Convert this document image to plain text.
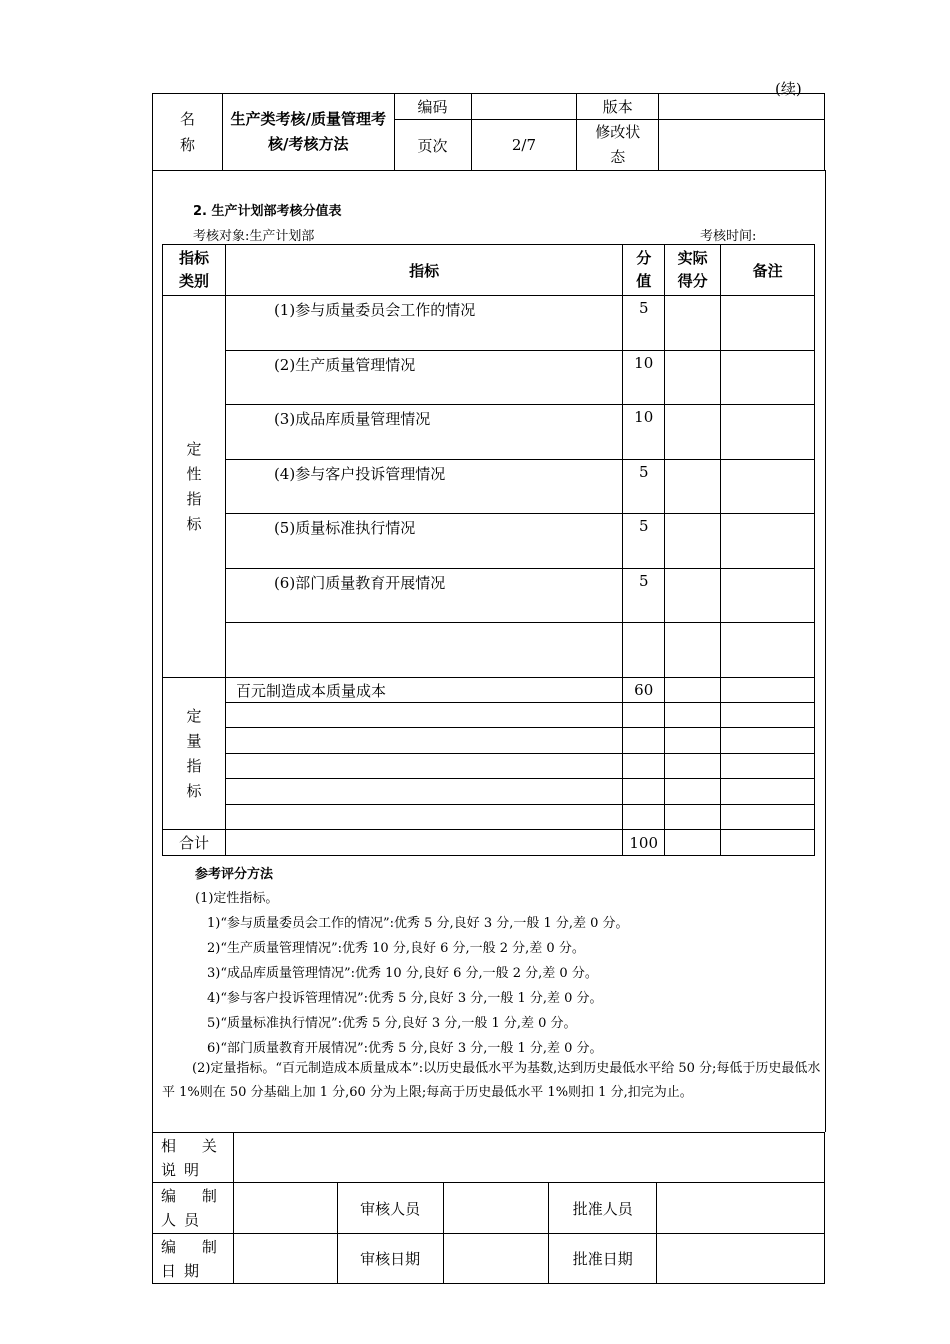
(续)
名
称	生产类考核/质量管理考核/考核方法	编码		版本	
		页次	2/7	修改状态	
2. 生产计划部考核分值表
考核对象:生产计划部	考核时间:
指标类别	指标	分值	实际得分	备注
定性指标	(1)参与质量委员会工作的情况	5		
	(2)生产质量管理情况	10		
	(3)成品库质量管理情况	10		
	(4)参与客户投诉管理情况	5		
	(5)质量标准执行情况	5		
	(6)部门质量教育开展情况	5		

定量指标	百元制造成本质量成本	60		

合计		100		
参考评分方法
(1)定性指标。
1)“参与质量委员会工作的情况”:优秀 5 分,良好 3 分,一般 1 分,差 0 分。
2)“生产质量管理情况”:优秀 10 分,良好 6 分,一般 2 分,差 0 分。
3)“成品库质量管理情况”:优秀 10 分,良好 6 分,一般 2 分,差 0 分。
4)“参与客户投诉管理情况”:优秀 5 分,良好 3 分,一般 1 分,差 0 分。
5)“质量标准执行情况”:优秀 5 分,良好 3 分,一般 1 分,差 0 分。
6)“部门质量教育开展情况”:优秀 5 分,良好 3 分,一般 1 分,差 0 分。
(2)定量指标。“百元制造成本质量成本”:以历史最低水平为基数,达到历史最低水平给 50 分;每低于历史最低水平 1%则在 50 分基础上加 1 分,60 分为上限;每高于历史最低水平 1%则扣 1 分,扣完为止。
相关说明					
编制人员		审核人员		批准人员	
编制日期		审核日期		批准日期	
